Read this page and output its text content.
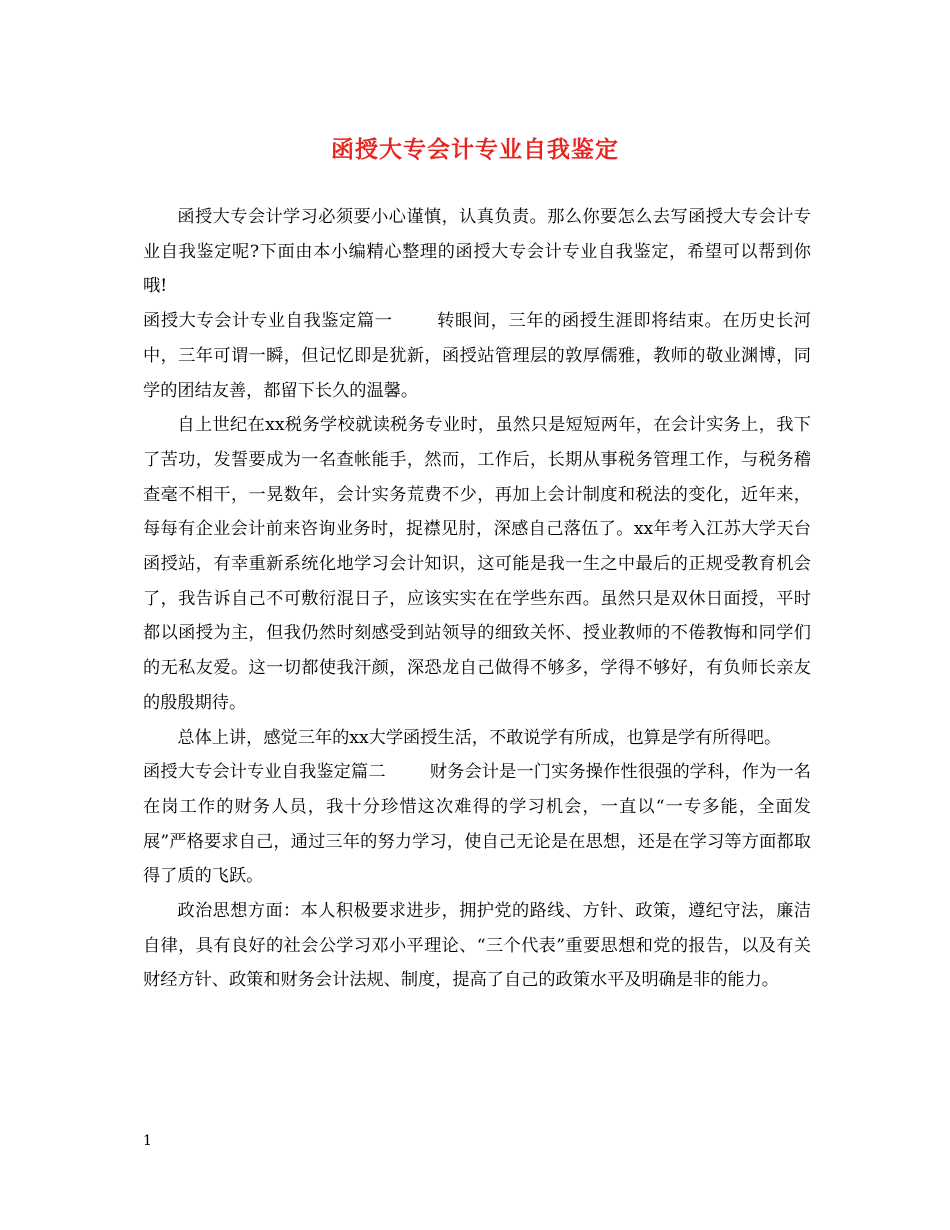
函授大专会计专业自我鉴定

函授大专会计学习必须要小心谨慎，认真负责。那么你要怎么去写函授大专会计专业自我鉴定呢?下面由本小编精心整理的函授大专会计专业自我鉴定，希望可以帮到你哦!

函授大专会计专业自我鉴定篇一	转眼间，三年的函授生涯即将结束。在历史长河中，三年可谓一瞬，但记忆即是犹新，函授站管理层的敦厚儒雅，教师的敬业渊博，同学的团结友善，都留下长久的温馨。

自上世纪在xx税务学校就读税务专业时，虽然只是短短两年，在会计实务上，我下了苦功，发誓要成为一名查帐能手，然而，工作后，长期从事税务管理工作，与税务稽查毫不相干，一晃数年，会计实务荒费不少，再加上会计制度和税法的变化，近年来，每每有企业会计前来咨询业务时，捉襟见肘，深感自己落伍了。xx年考入江苏大学天台函授站，有幸重新系统化地学习会计知识，这可能是我一生之中最后的正规受教育机会了，我告诉自己不可敷衍混日子，应该实实在在学些东西。虽然只是双休日面授，平时都以函授为主，但我仍然时刻感受到站领导的细致关怀、授业教师的不倦教悔和同学们的无私友爱。这一切都使我汗颜，深恐龙自己做得不够多，学得不够好，有负师长亲友的殷殷期待。

总体上讲，感觉三年的xx大学函授生活，不敢说学有所成，也算是学有所得吧。

函授大专会计专业自我鉴定篇二	财务会计是一门实务操作性很强的学科，作为一名在岗工作的财务人员，我十分珍惜这次难得的学习机会，一直以“一专多能，全面发展”严格要求自己，通过三年的努力学习，使自己无论是在思想，还是在学习等方面都取得了质的飞跃。

政治思想方面：本人积极要求进步，拥护党的路线、方针、政策，遵纪守法，廉洁自律，具有良好的社会公学习邓小平理论、“三个代表”重要思想和党的报告，以及有关财经方针、政策和财务会计法规、制度，提高了自己的政策水平及明确是非的能力。

1
